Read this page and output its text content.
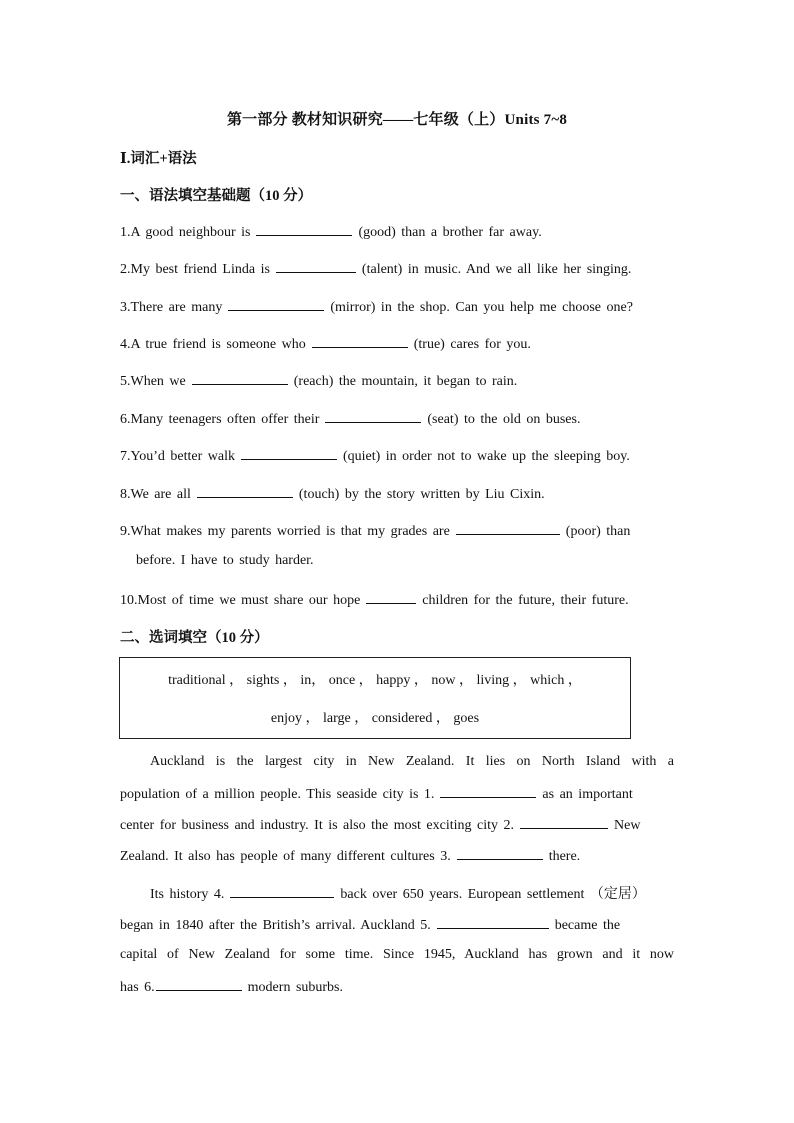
第一部分 教材知识研究——七年级（上）Units 7~8
Ⅰ.词汇+语法
一、语法填空基础题（10 分）
1.A good neighbour is	(good) than a brother far away.
2.My best friend Linda is	(talent) in music. And we all like her singing.
3.There are many	(mirror) in the shop. Can you help me choose one?
4.A true friend is someone who	(true) cares for you.
5.When we	(reach) the mountain, it began to rain.
6.Many teenagers often offer their	(seat) to the old on buses.
7.You’d better walk	(quiet) in order not to wake up the sleeping boy.
8.We are all	(touch) by the story written by Liu Cixin.
9.What makes my parents worried is that my grades are	(poor) than
before. I have to study harder.
10.Most of time we must share our hope	children for the future, their future.
二、选词填空（10 分）
traditional ， sights ， in， once ， happy ， now ， living ， which ，
enjoy ， large ， considered ， goes
Auckland is the largest city in New Zealand. It lies on North Island with a
population of a million people. This seaside city is 1.	as an important
center for business and industry. It is also the most exciting city 2.	New
Zealand. It also has people of many different cultures 3.	there.
Its history 4.	back over 650 years. European settlement （定居）
began in 1840 after the British’s arrival. Auckland 5.	became the
capital of New Zealand for some time. Since 1945, Auckland has grown and it now
has 6.	modern suburbs.
